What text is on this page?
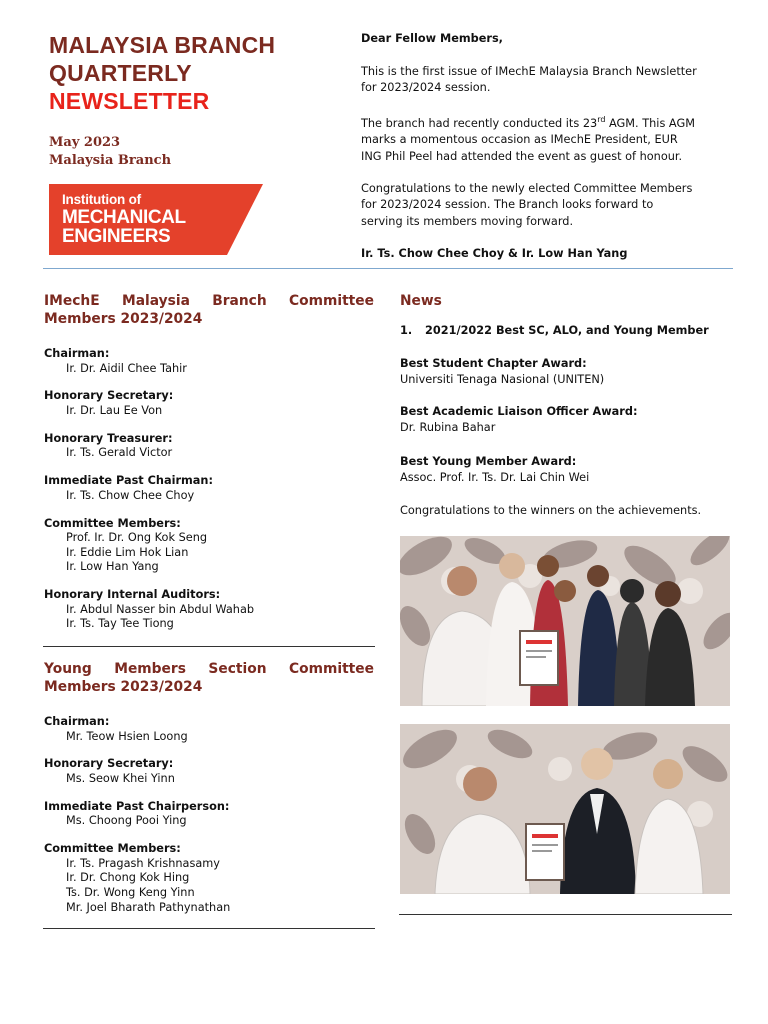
MALAYSIA BRANCH
QUARTERLY
NEWSLETTER
May 2023
Malaysia Branch
Institution of
MECHANICAL
ENGINEERS

Dear Fellow Members,

This is the first issue of IMechE Malaysia Branch Newsletter for 2023/2024 session.

The branch had recently conducted its 23rd AGM. This AGM marks a momentous occasion as IMechE President, EUR ING Phil Peel had attended the event as guest of honour.

Congratulations to the newly elected Committee Members for 2023/2024 session. The Branch looks forward to serving its members moving forward.

Ir. Ts. Chow Chee Choy & Ir. Low Han Yang

IMechE Malaysia Branch Committee Members 2023/2024
Chairman:
Ir. Dr. Aidil Chee Tahir
Honorary Secretary:
Ir. Dr. Lau Ee Von
Honorary Treasurer:
Ir. Ts. Gerald Victor
Immediate Past Chairman:
Ir. Ts. Chow Chee Choy
Committee Members:
Prof. Ir. Dr. Ong Kok Seng
Ir. Eddie Lim Hok Lian
Ir. Low Han Yang
Honorary Internal Auditors:
Ir. Abdul Nasser bin Abdul Wahab
Ir. Ts. Tay Tee Tiong
Young Members Section Committee Members 2023/2024
Chairman:
Mr. Teow Hsien Loong
Honorary Secretary:
Ms. Seow Khei Yinn
Immediate Past Chairperson:
Ms. Choong Pooi Ying
Committee Members:
Ir. Ts. Pragash Krishnasamy
Ir. Dr. Chong Kok Hing
Ts. Dr. Wong Keng Yinn
Mr. Joel Bharath Pathynathan
News
1. 2021/2022 Best SC, ALO, and Young Member
Best Student Chapter Award:
Universiti Tenaga Nasional (UNITEN)
Best Academic Liaison Officer Award:
Dr. Rubina Bahar
Best Young Member Award:
Assoc. Prof. Ir. Ts. Dr. Lai Chin Wei
Congratulations to the winners on the achievements.
